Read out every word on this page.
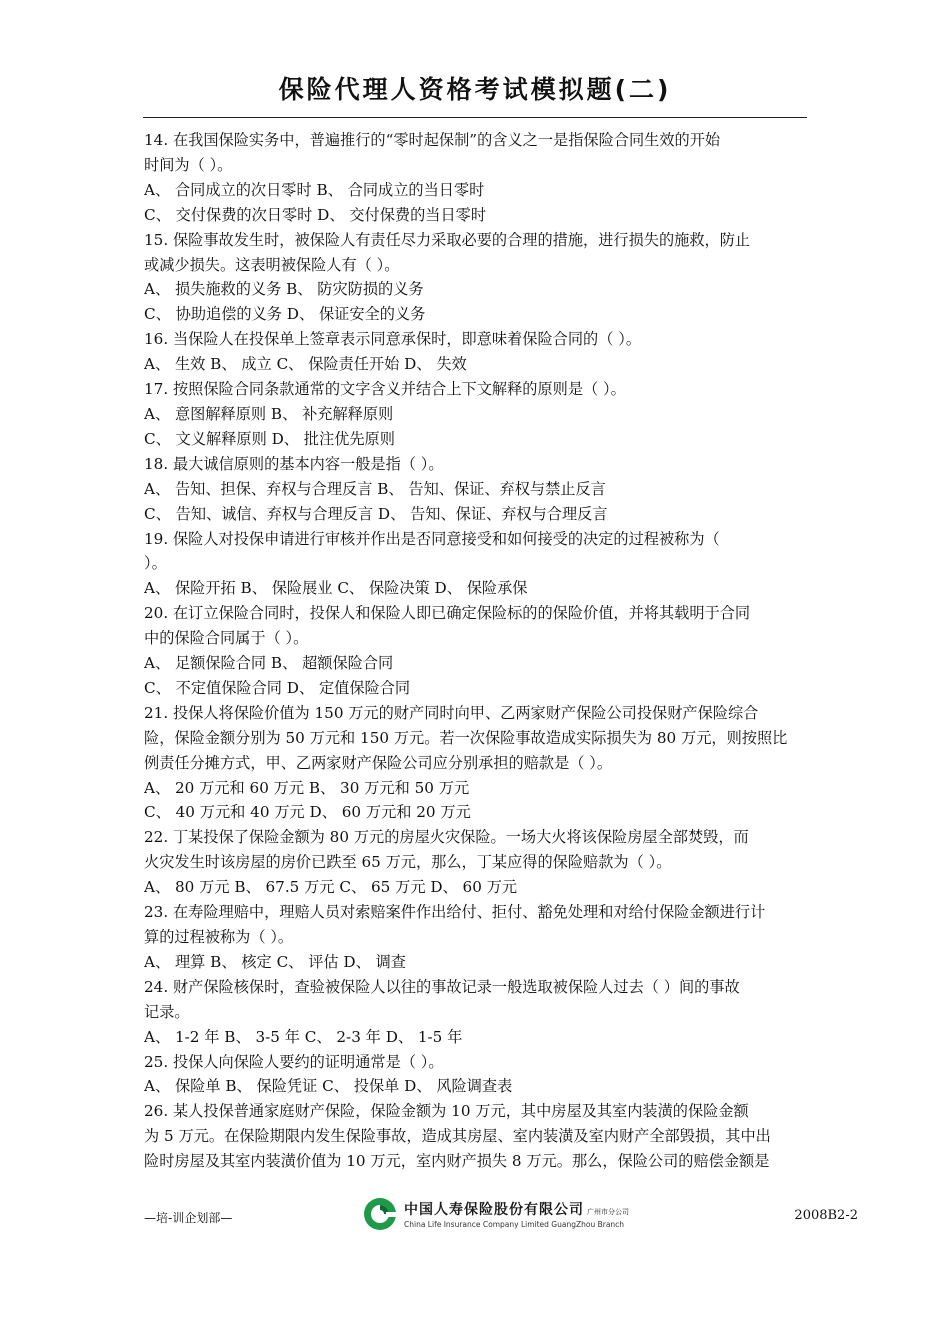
保险代理人资格考试模拟题(二)

14. 在我国保险实务中，普遍推行的“零时起保制”的含义之一是指保险合同生效的开始

时间为（ ）。

A、 合同成立的次日零时 B、 合同成立的当日零时

C、 交付保费的次日零时 D、 交付保费的当日零时

15. 保险事故发生时，被保险人有责任尽力采取必要的合理的措施，进行损失的施救，防止

或减少损失。这表明被保险人有（ ）。

A、 损失施救的义务 B、 防灾防损的义务

C、 协助追偿的义务 D、 保证安全的义务

16. 当保险人在投保单上签章表示同意承保时，即意味着保险合同的（ ）。

A、 生效 B、 成立 C、 保险责任开始 D、 失效

17. 按照保险合同条款通常的文字含义并结合上下文解释的原则是（ ）。

A、 意图解释原则 B、 补充解释原则

C、 文义解释原则 D、 批注优先原则

18. 最大诚信原则的基本内容一般是指（ ）。

A、 告知、担保、弃权与合理反言 B、 告知、保证、弃权与禁止反言

C、 告知、诚信、弃权与合理反言 D、 告知、保证、弃权与合理反言

19. 保险人对投保申请进行审核并作出是否同意接受和如何接受的决定的过程被称为（

）。

A、 保险开拓 B、 保险展业 C、 保险决策 D、 保险承保

20. 在订立保险合同时，投保人和保险人即已确定保险标的的保险价值，并将其载明于合同

中的保险合同属于（ ）。

A、 足额保险合同 B、 超额保险合同

C、 不定值保险合同 D、 定值保险合同

21. 投保人将保险价值为 150 万元的财产同时向甲、乙两家财产保险公司投保财产保险综合

险，保险金额分别为 50 万元和 150 万元。若一次保险事故造成实际损失为 80 万元，则按照比

例责任分摊方式，甲、乙两家财产保险公司应分别承担的赔款是（ ）。

A、 20 万元和 60 万元 B、 30 万元和 50 万元

C、 40 万元和 40 万元 D、 60 万元和 20 万元

22. 丁某投保了保险金额为 80 万元的房屋火灾保险。一场大火将该保险房屋全部焚毁，而

火灾发生时该房屋的房价已跌至 65 万元，那么，丁某应得的保险赔款为（ ）。

A、 80 万元 B、 67.5 万元 C、 65 万元 D、 60 万元

23. 在寿险理赔中，理赔人员对索赔案件作出给付、拒付、豁免处理和对给付保险金额进行计

算的过程被称为（ ）。

A、 理算 B、 核定 C、 评估 D、 调查

24. 财产保险核保时，查验被保险人以往的事故记录一般选取被保险人过去（ ）间的事故

记录。

A、 1-2 年 B、 3-5 年 C、 2-3 年 D、 1-5 年

25. 投保人向保险人要约的证明通常是（ ）。

A、 保险单 B、 保险凭证 C、 投保单 D、 风险调查表

26. 某人投保普通家庭财产保险，保险金额为 10 万元，其中房屋及其室内装潢的保险金额

为 5 万元。在保险期限内发生保险事故，造成其房屋、室内装潢及室内财产全部毁损，其中出

险时房屋及其室内装潢价值为 10 万元，室内财产损失 8 万元。那么，保险公司的赔偿金额是

—培-训企划部—	中国人寿保险股份有限公司 广州市分公司
China Life Insurance Company Limited GuangZhou Branch
2008B2-2
